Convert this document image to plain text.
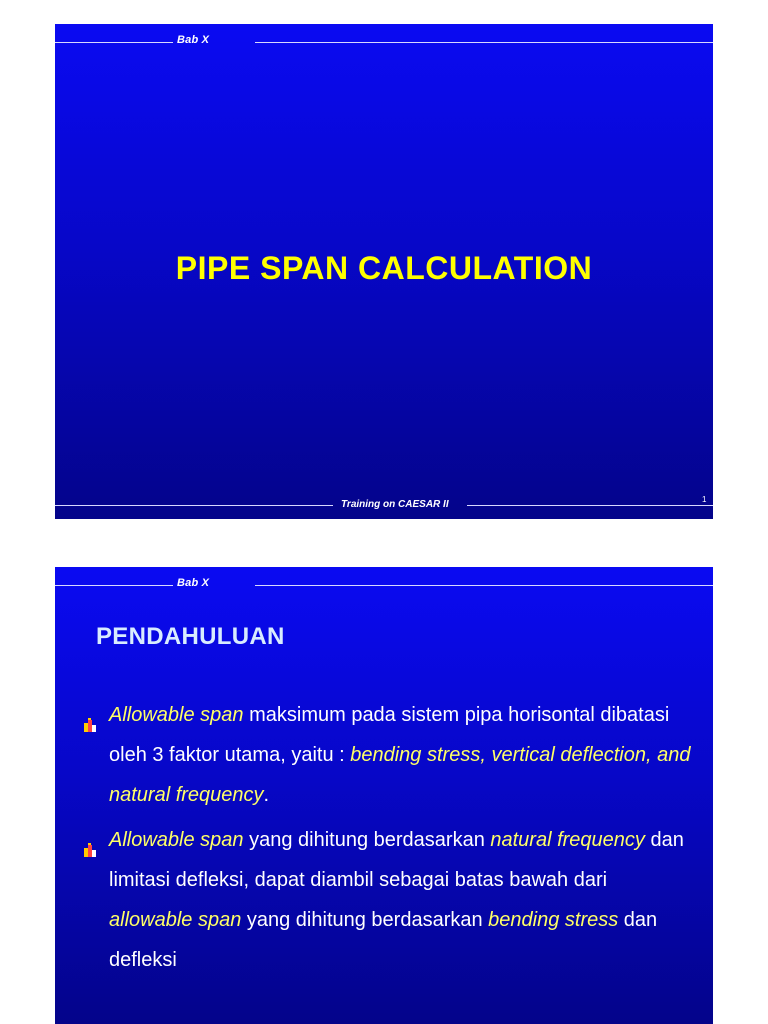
Bab X
PIPE SPAN CALCULATION
Training on CAESAR II	1
Bab X
PENDAHULUAN
Allowable span maksimum pada sistem pipa horisontal dibatasi oleh 3 faktor utama, yaitu : bending stress, vertical deflection, and natural frequency.
Allowable span yang dihitung berdasarkan natural frequency dan limitasi defleksi, dapat diambil sebagai batas bawah dari allowable span yang dihitung berdasarkan bending stress dan defleksi
